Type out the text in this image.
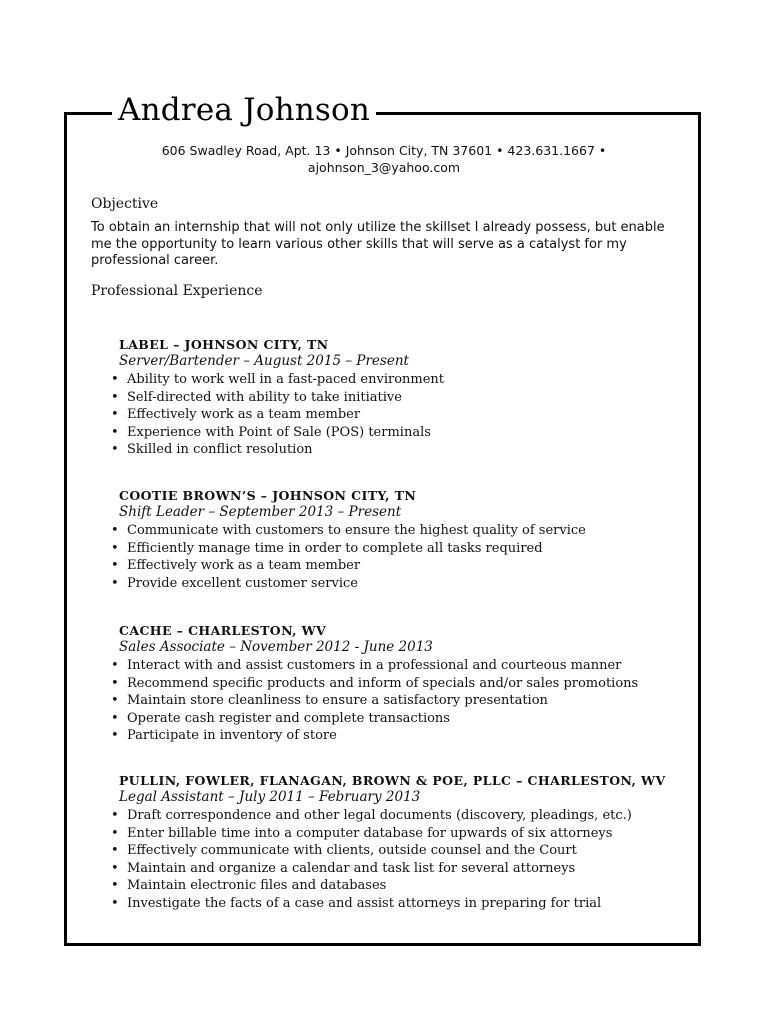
Andrea Johnson
606 Swadley Road, Apt. 13 • Johnson City, TN 37601 • 423.631.1667 •
ajohnson_3@yahoo.com
Objective
To obtain an internship that will not only utilize the skillset I already possess, but enable me the opportunity to learn various other skills that will serve as a catalyst for my professional career.
Professional Experience
LABEL – JOHNSON CITY, TN
Server/Bartender – August 2015 – Present
• Ability to work well in a fast-paced environment
• Self-directed with ability to take initiative
• Effectively work as a team member
• Experience with Point of Sale (POS) terminals
• Skilled in conflict resolution
COOTIE BROWN’S – JOHNSON CITY, TN
Shift Leader – September 2013 – Present
• Communicate with customers to ensure the highest quality of service
• Efficiently manage time in order to complete all tasks required
• Effectively work as a team member
• Provide excellent customer service
CACHE – CHARLESTON, WV
Sales Associate – November 2012 - June 2013
• Interact with and assist customers in a professional and courteous manner
• Recommend specific products and inform of specials and/or sales promotions
• Maintain store cleanliness to ensure a satisfactory presentation
• Operate cash register and complete transactions
• Participate in inventory of store
PULLIN, FOWLER, FLANAGAN, BROWN & POE, PLLC – CHARLESTON, WV
Legal Assistant – July 2011 – February 2013
• Draft correspondence and other legal documents (discovery, pleadings, etc.)
• Enter billable time into a computer database for upwards of six attorneys
• Effectively communicate with clients, outside counsel and the Court
• Maintain and organize a calendar and task list for several attorneys
• Maintain electronic files and databases
• Investigate the facts of a case and assist attorneys in preparing for trial
